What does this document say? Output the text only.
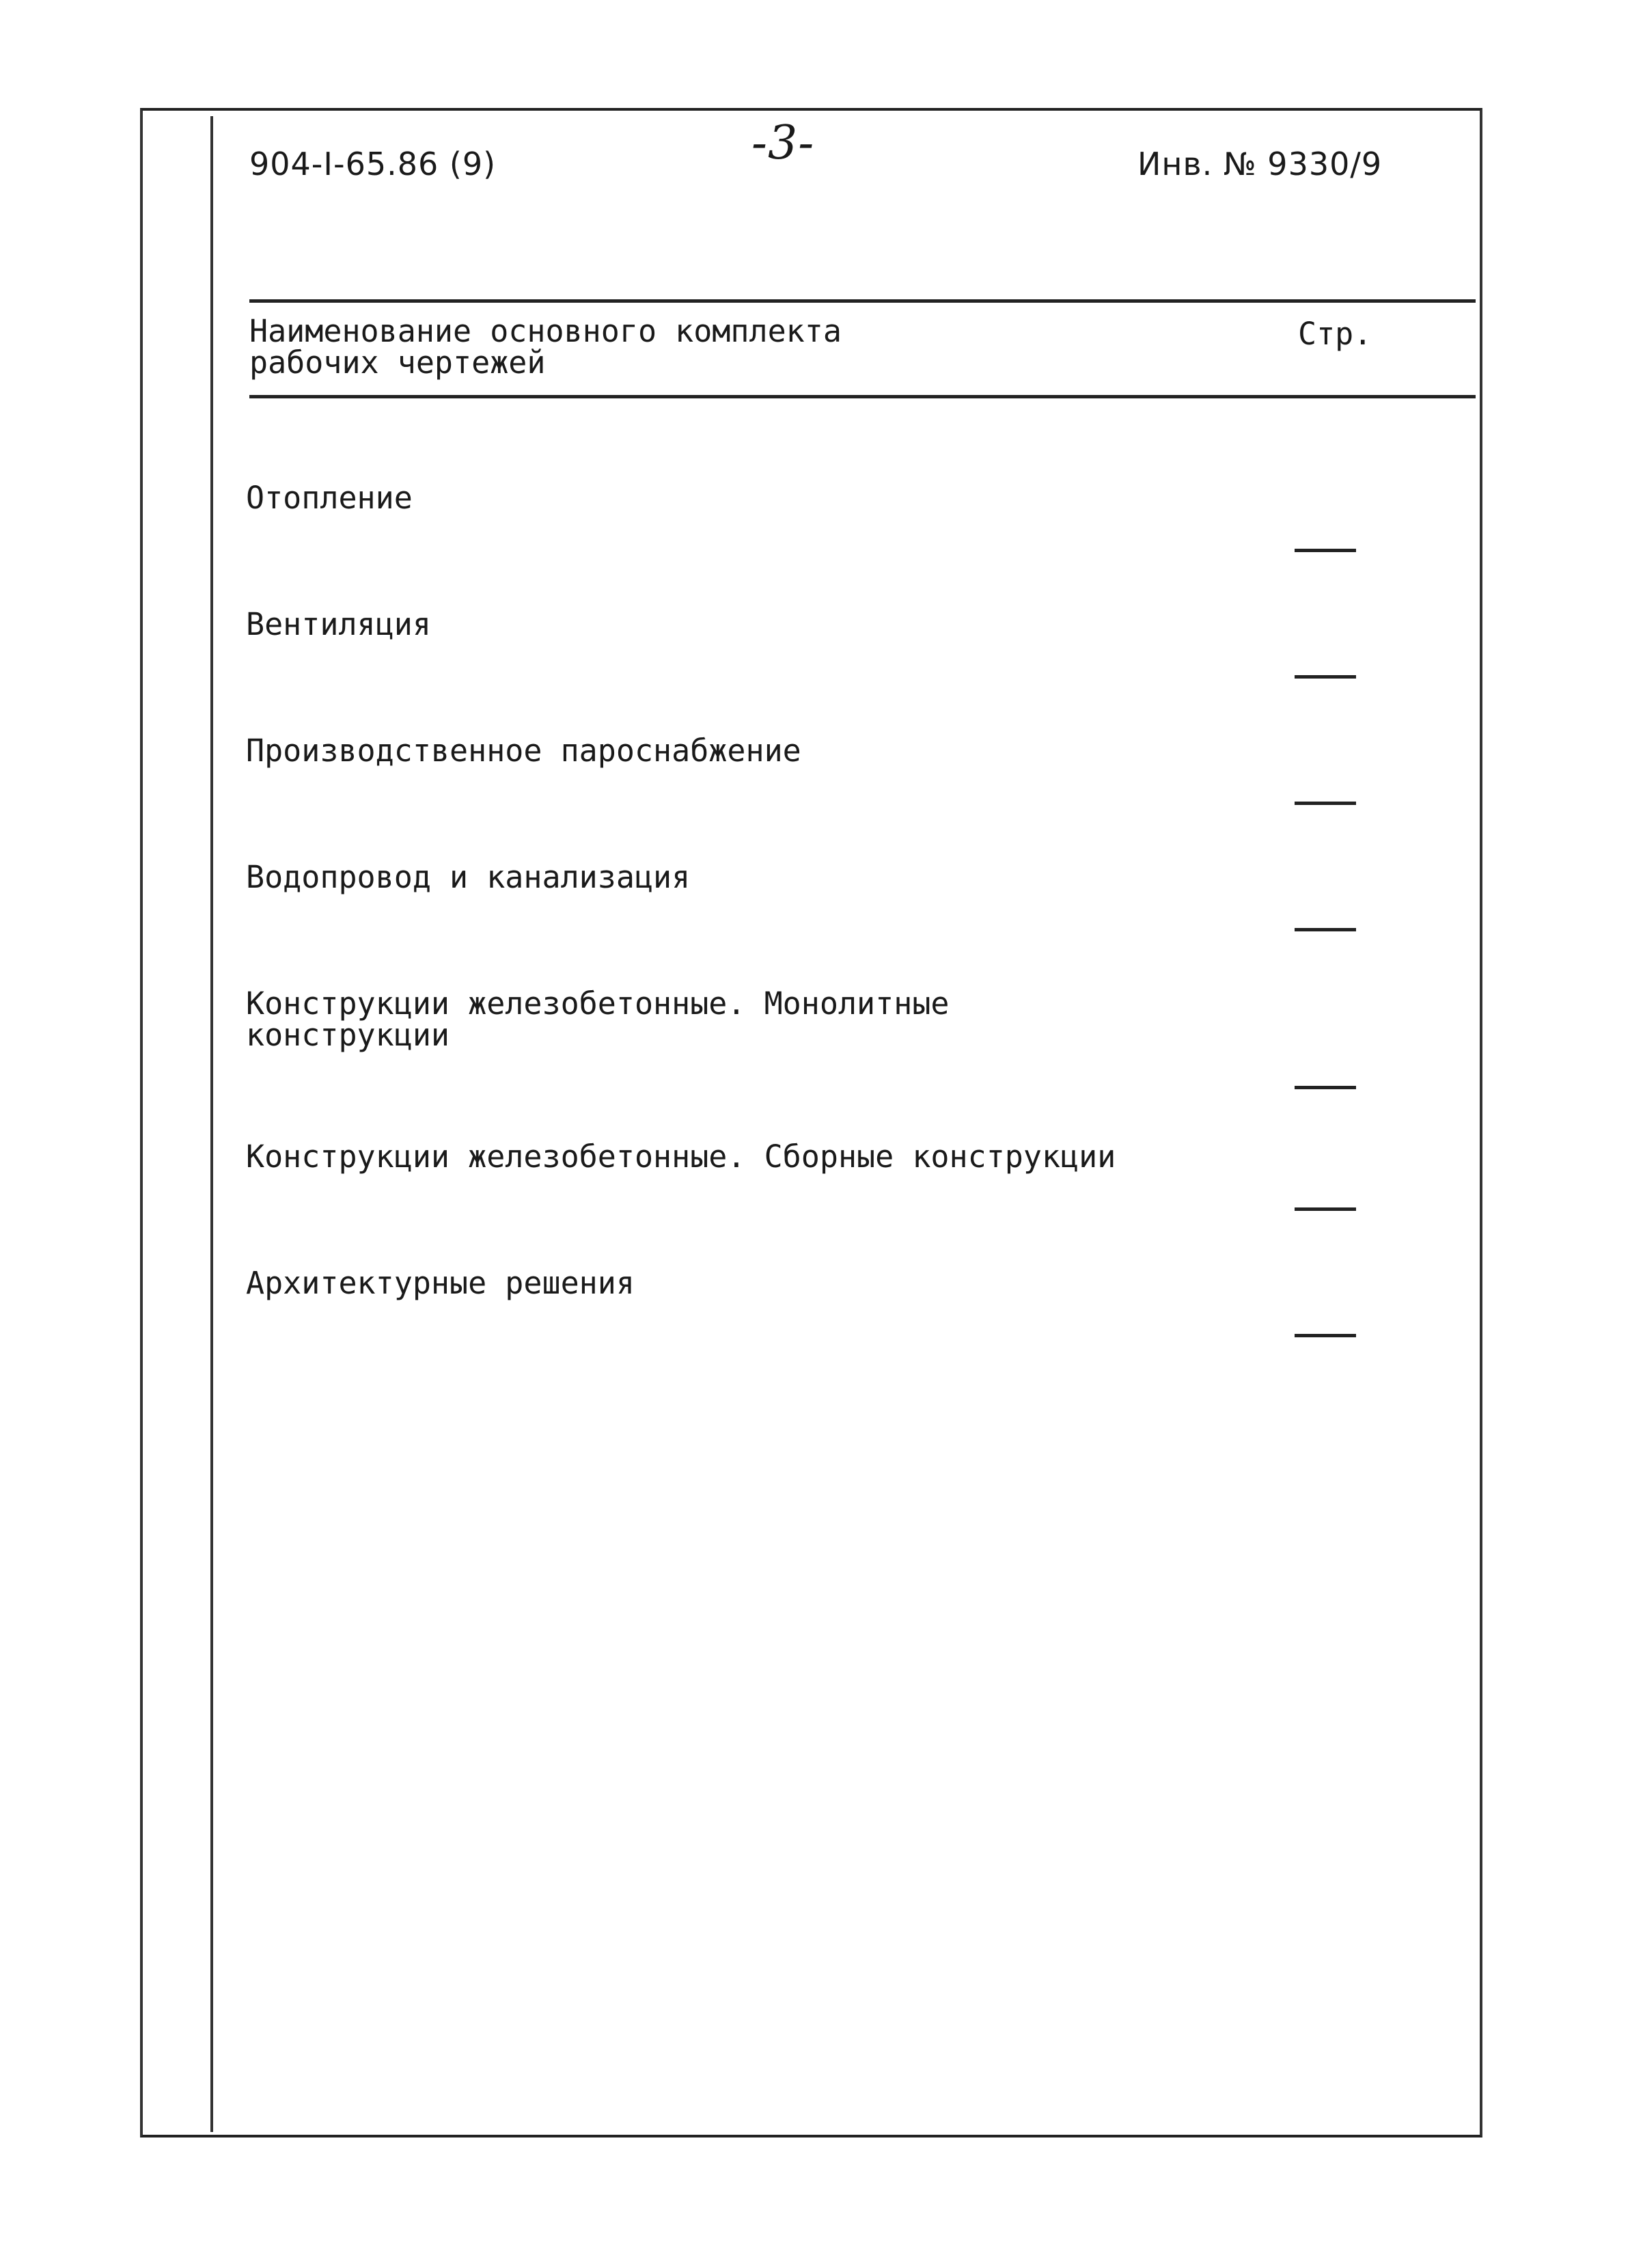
904-I-65.86 (9)	-3-	Инв. № 9330/9
Наименование основного комплекта
рабочих чертежей
Стр.

Отопление

Вентиляция

Производственное пароснабжение

Водопровод и канализация

Конструкции железобетонные. Монолитные
конструкции

Конструкции железобетонные. Сборные конструкции

Архитектурные решения
